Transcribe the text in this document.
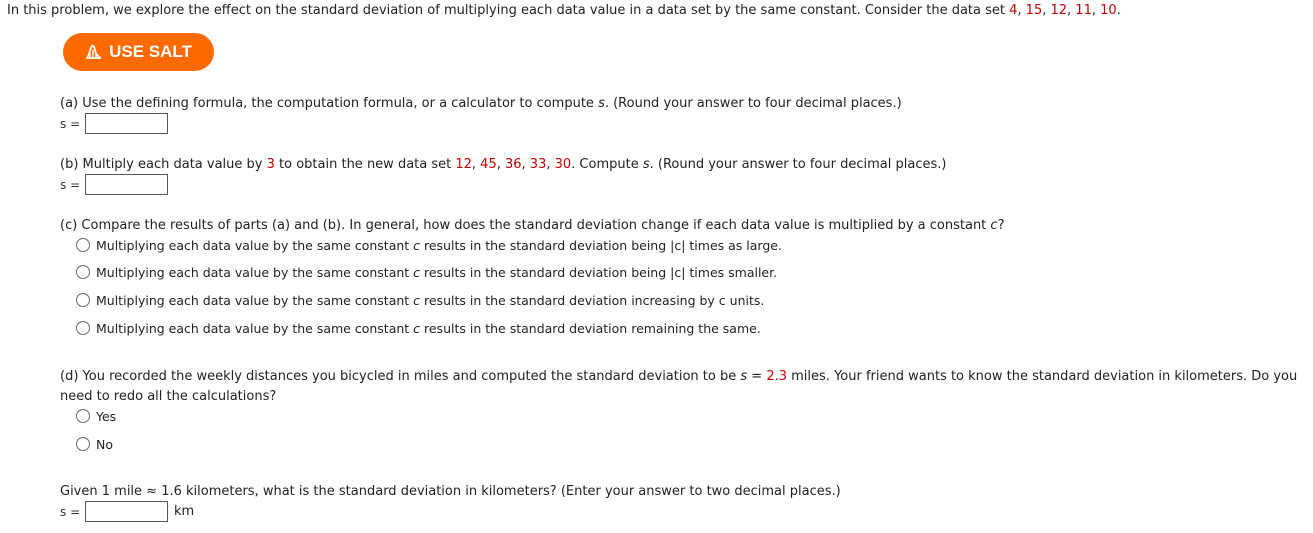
In this problem, we explore the effect on the standard deviation of multiplying each data value in a data set by the same constant. Consider the data set 4, 15, 12, 11, 10.
USE SALT
(a) Use the defining formula, the computation formula, or a calculator to compute s. (Round your answer to four decimal places.)
s =
(b) Multiply each data value by 3 to obtain the new data set 12, 45, 36, 33, 30. Compute s. (Round your answer to four decimal places.)
s =
(c) Compare the results of parts (a) and (b). In general, how does the standard deviation change if each data value is multiplied by a constant c?
Multiplying each data value by the same constant c results in the standard deviation being |c| times as large.
Multiplying each data value by the same constant c results in the standard deviation being |c| times smaller.
Multiplying each data value by the same constant c results in the standard deviation increasing by c units.
Multiplying each data value by the same constant c results in the standard deviation remaining the same.
(d) You recorded the weekly distances you bicycled in miles and computed the standard deviation to be s = 2.3 miles. Your friend wants to know the standard deviation in kilometers. Do you
need to redo all the calculations?
Yes
No
Given 1 mile ≈ 1.6 kilometers, what is the standard deviation in kilometers? (Enter your answer to two decimal places.)
s =	km
